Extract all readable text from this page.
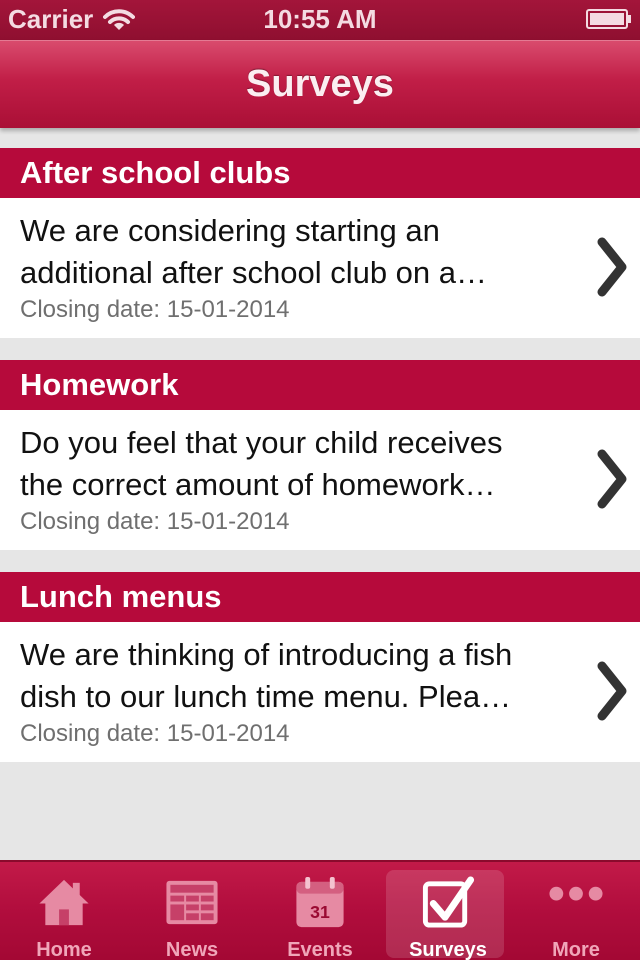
Carrier	10:55 AM
Surveys
After school clubs
We are considering starting an
additional after school club on a…
Closing date: 15-01-2014
Homework
Do you feel that your child receives
the correct amount of homework…
Closing date: 15-01-2014
Lunch menus
We are thinking of introducing a fish
dish to our lunch time menu. Plea…
Closing date: 15-01-2014
Home	News
31
Events	Surveys	More
